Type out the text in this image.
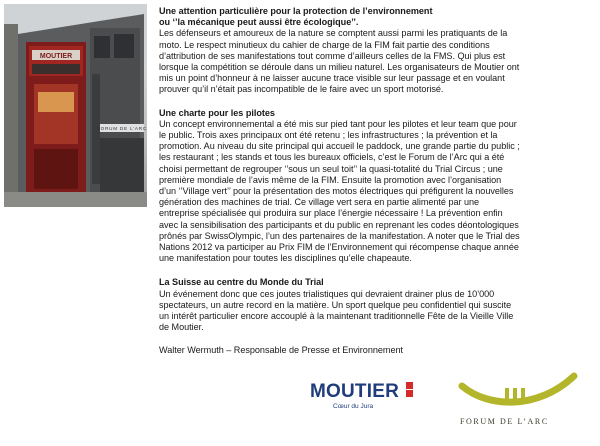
MOUTIER
FORUM DE L’ARC

Une attention particulière pour la protection de l’environnement

ou ‘’la mécanique peut aussi être écologique’’.

Les défenseurs et amoureux de la nature se comptent aussi parmi les pratiquants de la

moto. Le respect minutieux du cahier de charge de la FIM fait partie des conditions

d’attribution de ses manifestations tout comme d’ailleurs celles de la FMS. Qui plus est

lorsque la compétition se déroule dans un milieu naturel. Les organisateurs de Moutier ont

mis un point d’honneur à ne laisser aucune trace visible sur leur passage et en voulant

prouver qu’il n’était pas incompatible de le faire avec un sport motorisé.

Une charte pour les pilotes

Un concept environnemental a été mis sur pied tant pour les pilotes et leur team que pour

le public. Trois axes principaux ont été retenu ; les infrastructures ; la prévention et la

promotion. Au niveau du site principal qui accueil le paddock, une grande partie du public ;

les restaurant ; les stands et tous les bureaux officiels, c’est le Forum de l’Arc qui a été

choisi permettant de regrouper ‘’sous un seul toit’’ la quasi-totalité du Trial Circus ; une

première mondiale de l’avis même de la FIM. Ensuite la promotion avec l’organisation

d’un ‘’Village vert’’ pour la présentation des motos électriques qui préfigurent la nouvelles

génération des machines de trial. Ce village vert sera en partie alimenté par une

entreprise spécialisée qui produira sur place l’énergie nécessaire ! La prévention enfin

avec la sensibilisation des participants et du public en reprenant les codes déontologiques

prônés par SwissOlympic, l’un des partenaires de la manifestation. A noter que le Trial des

Nations 2012 va participer au Prix FIM de l’Environnement qui récompense chaque année

une manifestation pour toutes les disciplines qu’elle chapeaute.

La Suisse au centre du Monde du Trial

Un événement donc que ces joutes trialistiques qui devraient drainer plus de 10’000

spectateurs, un autre record en la matière. Un sport quelque peu confidentiel qui suscite

un intérêt particulier encore accouplé à la maintenant traditionnelle Fête de la Vieille Ville

de Moutier.

Walter Wermuth – Responsable de Presse et Environnement

MOUTIER
Cœur du Jura
FORUM DE L’ARC
